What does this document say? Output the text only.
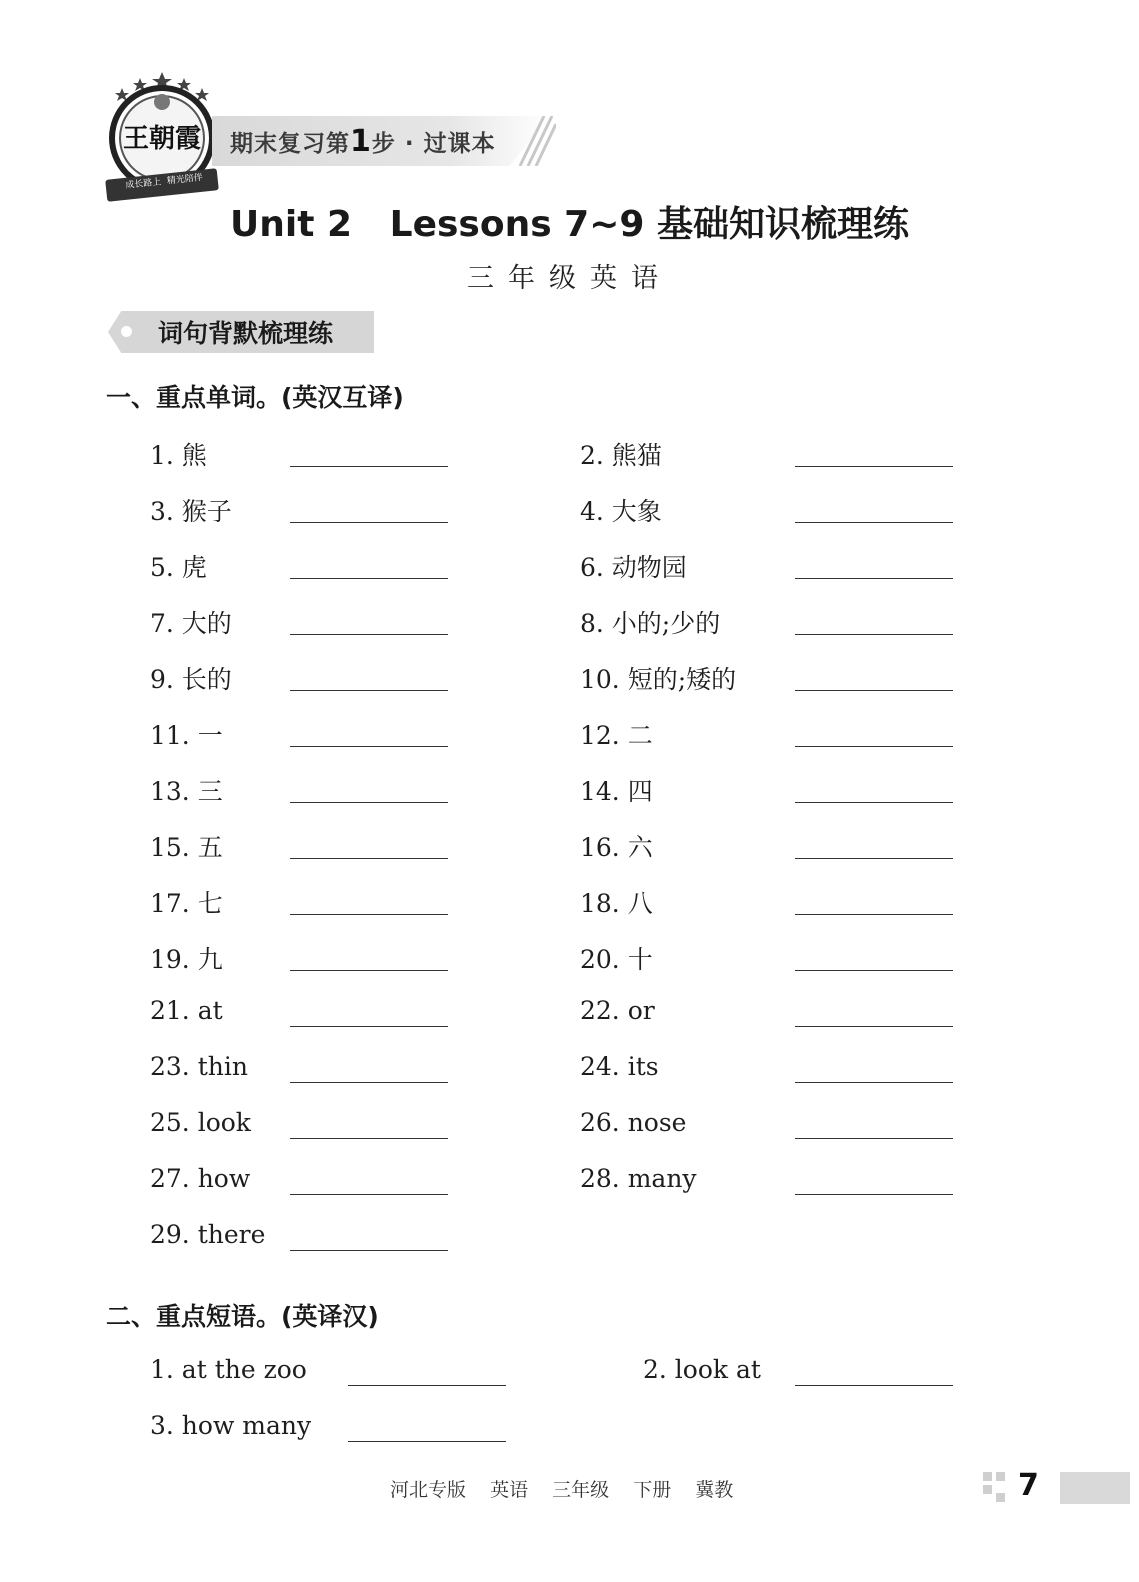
王朝霞
成长路上  精光陪伴
期末复习第1步 · 过课本
Unit 2   Lessons 7~9 基础知识梳理练
三年级英语
词句背默梳理练
一、重点单词。(英汉互译)
1. 熊	2. 熊猫
3. 猴子	4. 大象
5. 虎	6. 动物园
7. 大的	8. 小的;少的
9. 长的	10. 短的;矮的
11. 一	12. 二
13. 三	14. 四
15. 五	16. 六
17. 七	18. 八
19. 九	20. 十
21. at	22. or
23. thin	24. its
25. look	26. nose
27. how	28. many
29. there
二、重点短语。(英译汉)
1. at the zoo	2. look at
3. how many
河北专版 英语 三年级 下册 冀教	7
